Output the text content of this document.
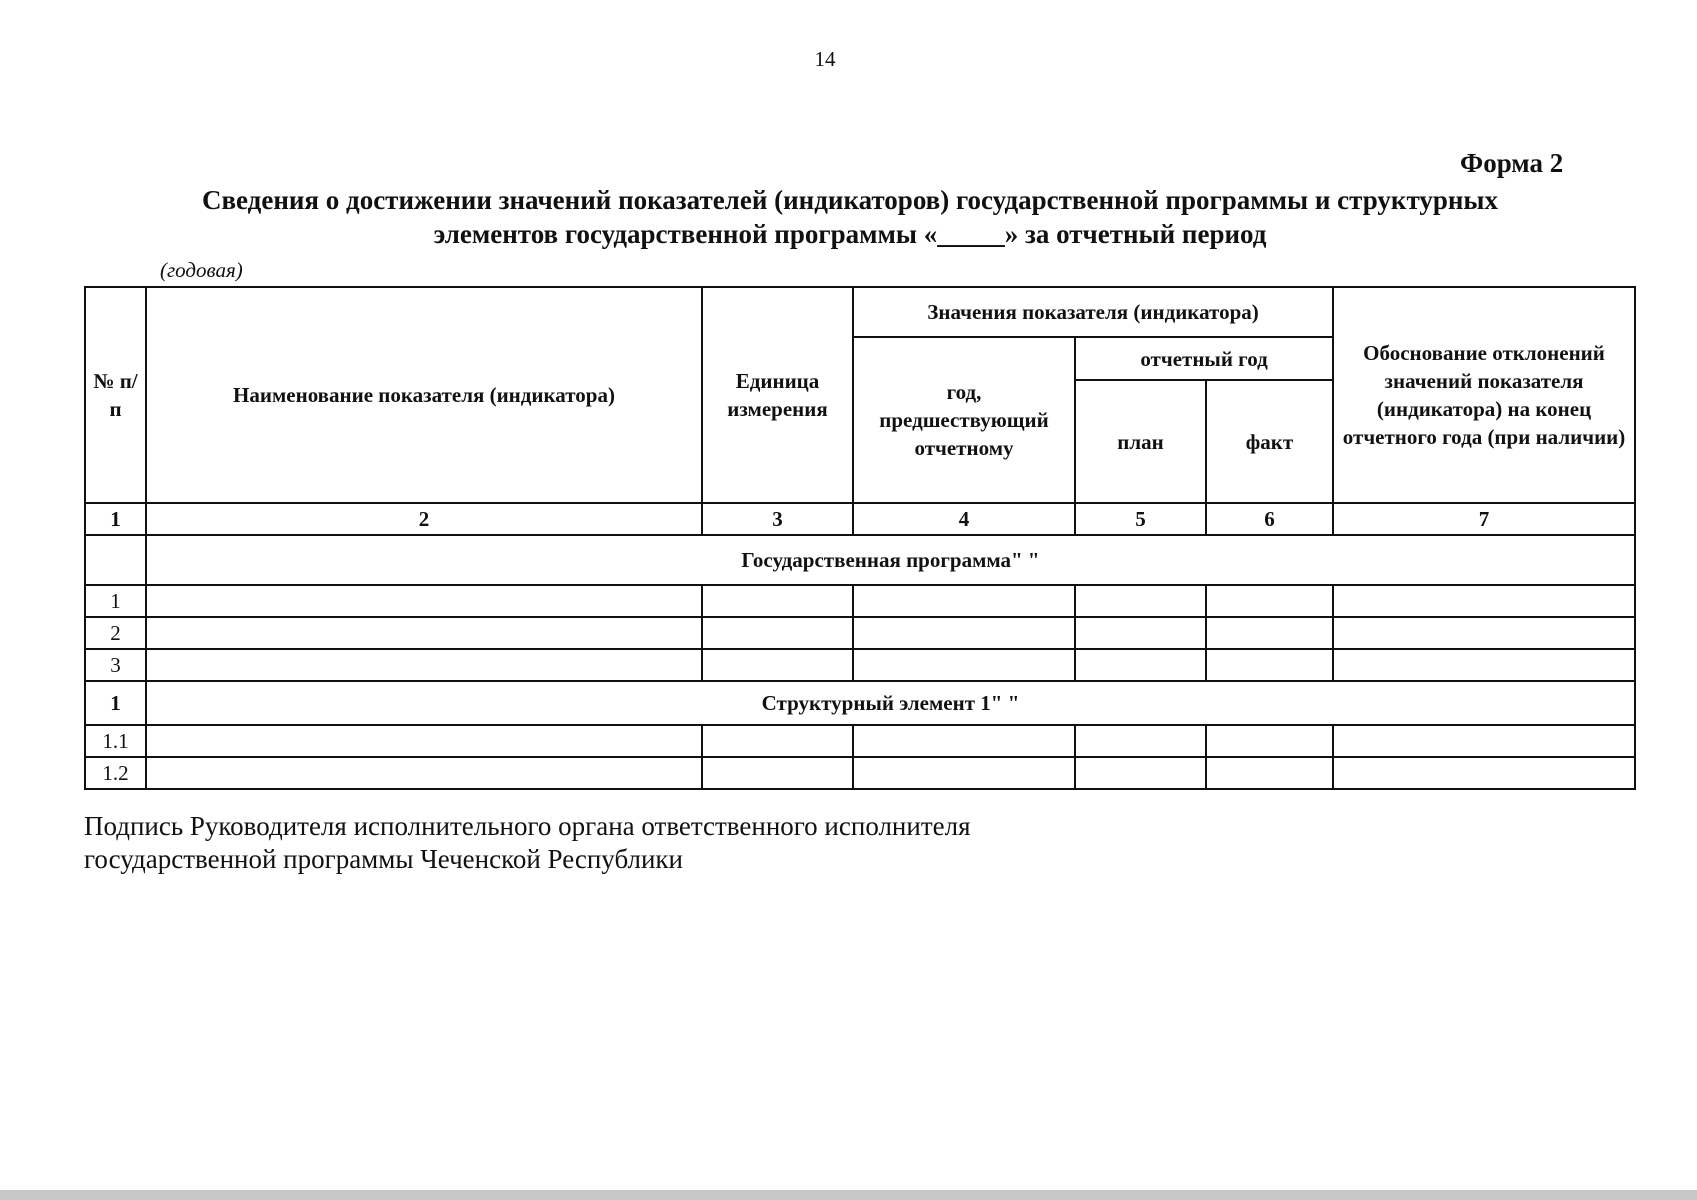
14
Форма 2
Сведения о достижении значений показателей (индикаторов) государственной программы и структурных
элементов государственной программы «_____» за отчетный период
(годовая)
№ п/п	Наименование показателя (индикатора)	Единица измерения	Значения показателя (индикатора)			Обоснование отклонений значений показателя (индикатора) на конец отчетного года (при наличии)
			год, предшествующий отчетному	отчетный год		
				план	факт	
1	2	3	4	5	6	7
	Государственная программа" "					
1						
2						
3						
1	Структурный элемент 1" "					
1.1						
1.2						
Подпись Руководителя исполнительного органа ответственного исполнителя
государственной программы Чеченской Республики
